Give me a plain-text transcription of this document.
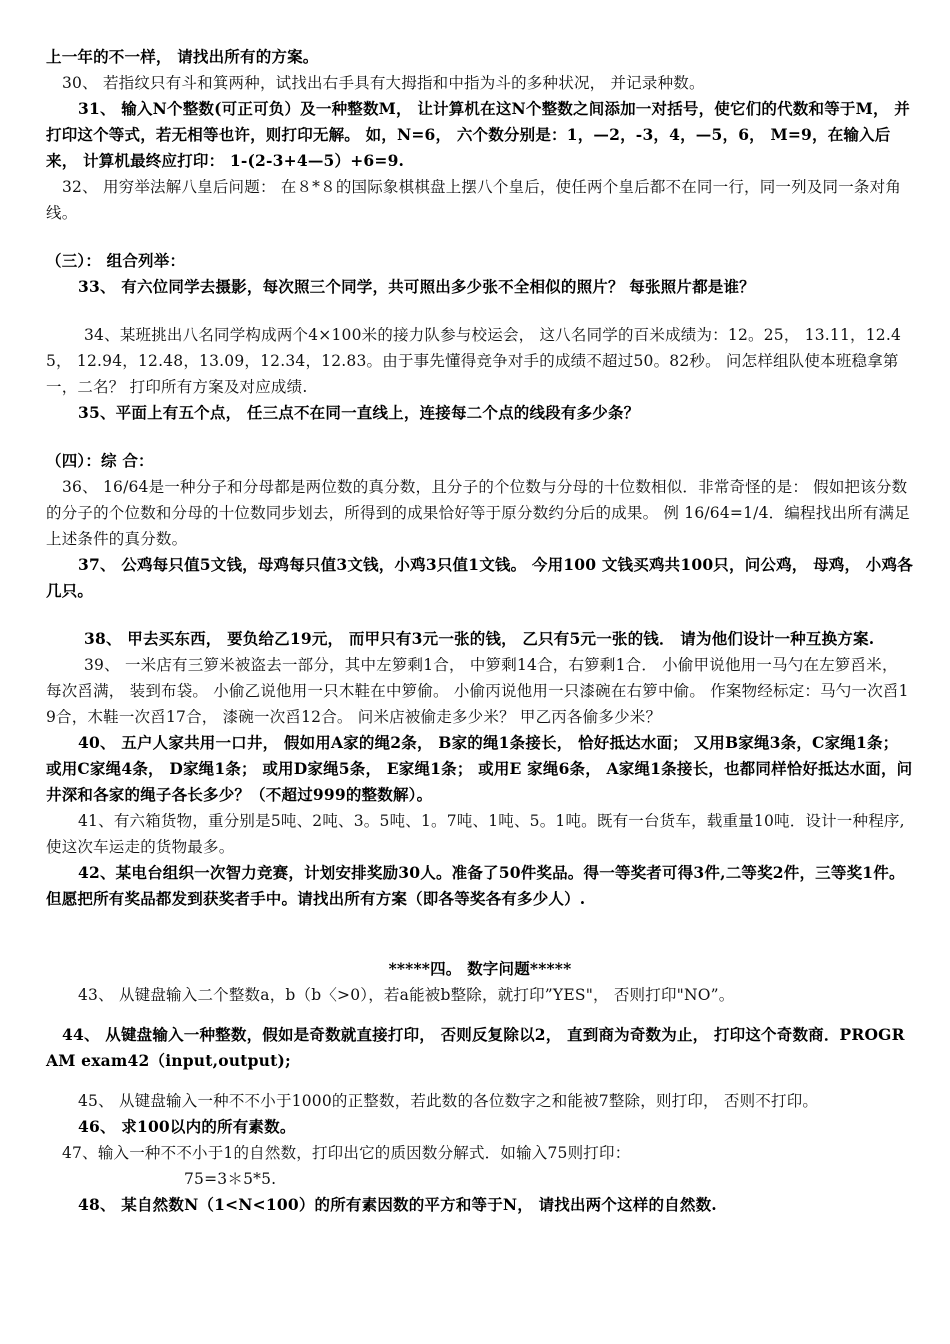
上一年的不一样， 请找出所有的方案。

30、 若指纹只有斗和箕两种，试找出右手具有大拇指和中指为斗的多种状况， 并记录种数。

31、 输入N个整数(可正可负）及一种整数M， 让计算机在这N个整数之间添加一对括号，使它们的代数和等于M， 并打印这个等式，若无相等也许，则打印无解。 如，N=6， 六个数分别是：1，—2，-3，4，—5，6， M=9，在输入后来， 计算机最终应打印： 1-(2-3+4—5）+6=9.

32、 用穷举法解八皇后问题： 在８*８的国际象棋棋盘上摆八个皇后，使任两个皇后都不在同一行，同一列及同一条对角线。

（三）： 组合列举：

33、 有六位同学去摄影，每次照三个同学，共可照出多少张不全相似的照片？ 每张照片都是谁？

34、某班挑出八名同学构成两个4×100米的接力队参与校运会， 这八名同学的百米成绩为：12。25， 13.11，12.45， 12.94，12.48，13.09，12.34，12.83。由于事先懂得竞争对手的成绩不超过50。82秒。 问怎样组队使本班稳拿第一，二名？ 打印所有方案及对应成绩.

35、平面上有五个点， 任三点不在同一直线上，连接每二个点的线段有多少条？

（四）：综 合：

36、 16/64是一种分子和分母都是两位数的真分数，且分子的个位数与分母的十位数相似．非常奇怪的是： 假如把该分数的分子的个位数和分母的十位数同步划去，所得到的成果恰好等于原分数约分后的成果。 例 16/64=1/4．编程找出所有满足上述条件的真分数。

37、 公鸡每只值5文钱，母鸡每只值3文钱，小鸡3只值1文钱。 今用100 文钱买鸡共100只，问公鸡， 母鸡， 小鸡各几只。

38、 甲去买东西， 要负给乙19元， 而甲只有3元一张的钱， 乙只有5元一张的钱． 请为他们设计一种互换方案.

39、 一米店有三箩米被盗去一部分，其中左箩剩1合， 中箩剩14合，右箩剩1合． 小偷甲说他用一马勺在左箩舀米， 每次舀满， 装到布袋。 小偷乙说他用一只木鞋在中箩偷。 小偷丙说他用一只漆碗在右箩中偷。 作案物经标定：马勺一次舀19合，木鞋一次舀17合， 漆碗一次舀12合。 问米店被偷走多少米？ 甲乙丙各偷多少米？

40、 五户人家共用一口井， 假如用A家的绳2条， B家的绳1条接长， 恰好抵达水面； 又用B家绳3条，C家绳1条； 或用C家绳4条， D家绳1条； 或用D家绳5条， E家绳1条； 或用E 家绳6条， A家绳1条接长，也都同样恰好抵达水面，问井深和各家的绳子各长多少？（不超过999的整数解）。

41、有六箱货物，重分别是5吨、2吨、3。5吨、1。7吨、1吨、5。1吨。既有一台货车，载重量10吨．设计一种程序,使这次车运走的货物最多。

42、某电台组织一次智力竞赛，计划安排奖励30人。准备了50件奖品。得一等奖者可得3件,二等奖2件，三等奖1件。但愿把所有奖品都发到获奖者手中。请找出所有方案（即各等奖各有多少人）.

*****四。 数字问题*****

43、 从键盘输入二个整数a，b（b〈>0），若a能被b整除，就打印”YES"， 否则打印"NO”。

44、 从键盘输入一种整数，假如是奇数就直接打印， 否则反复除以2， 直到商为奇数为止， 打印这个奇数商．PROGRAM exam42（input,output);

45、 从键盘输入一种不不小于1000的正整数，若此数的各位数字之和能被7整除，则打印， 否则不打印。

46、 求100以内的所有素数。

47、输入一种不不小于1的自然数，打印出它的质因数分解式．如输入75则打印：

75=3＊5*5.

48、 某自然数N（1<N<100）的所有素因数的平方和等于N， 请找出两个这样的自然数.
